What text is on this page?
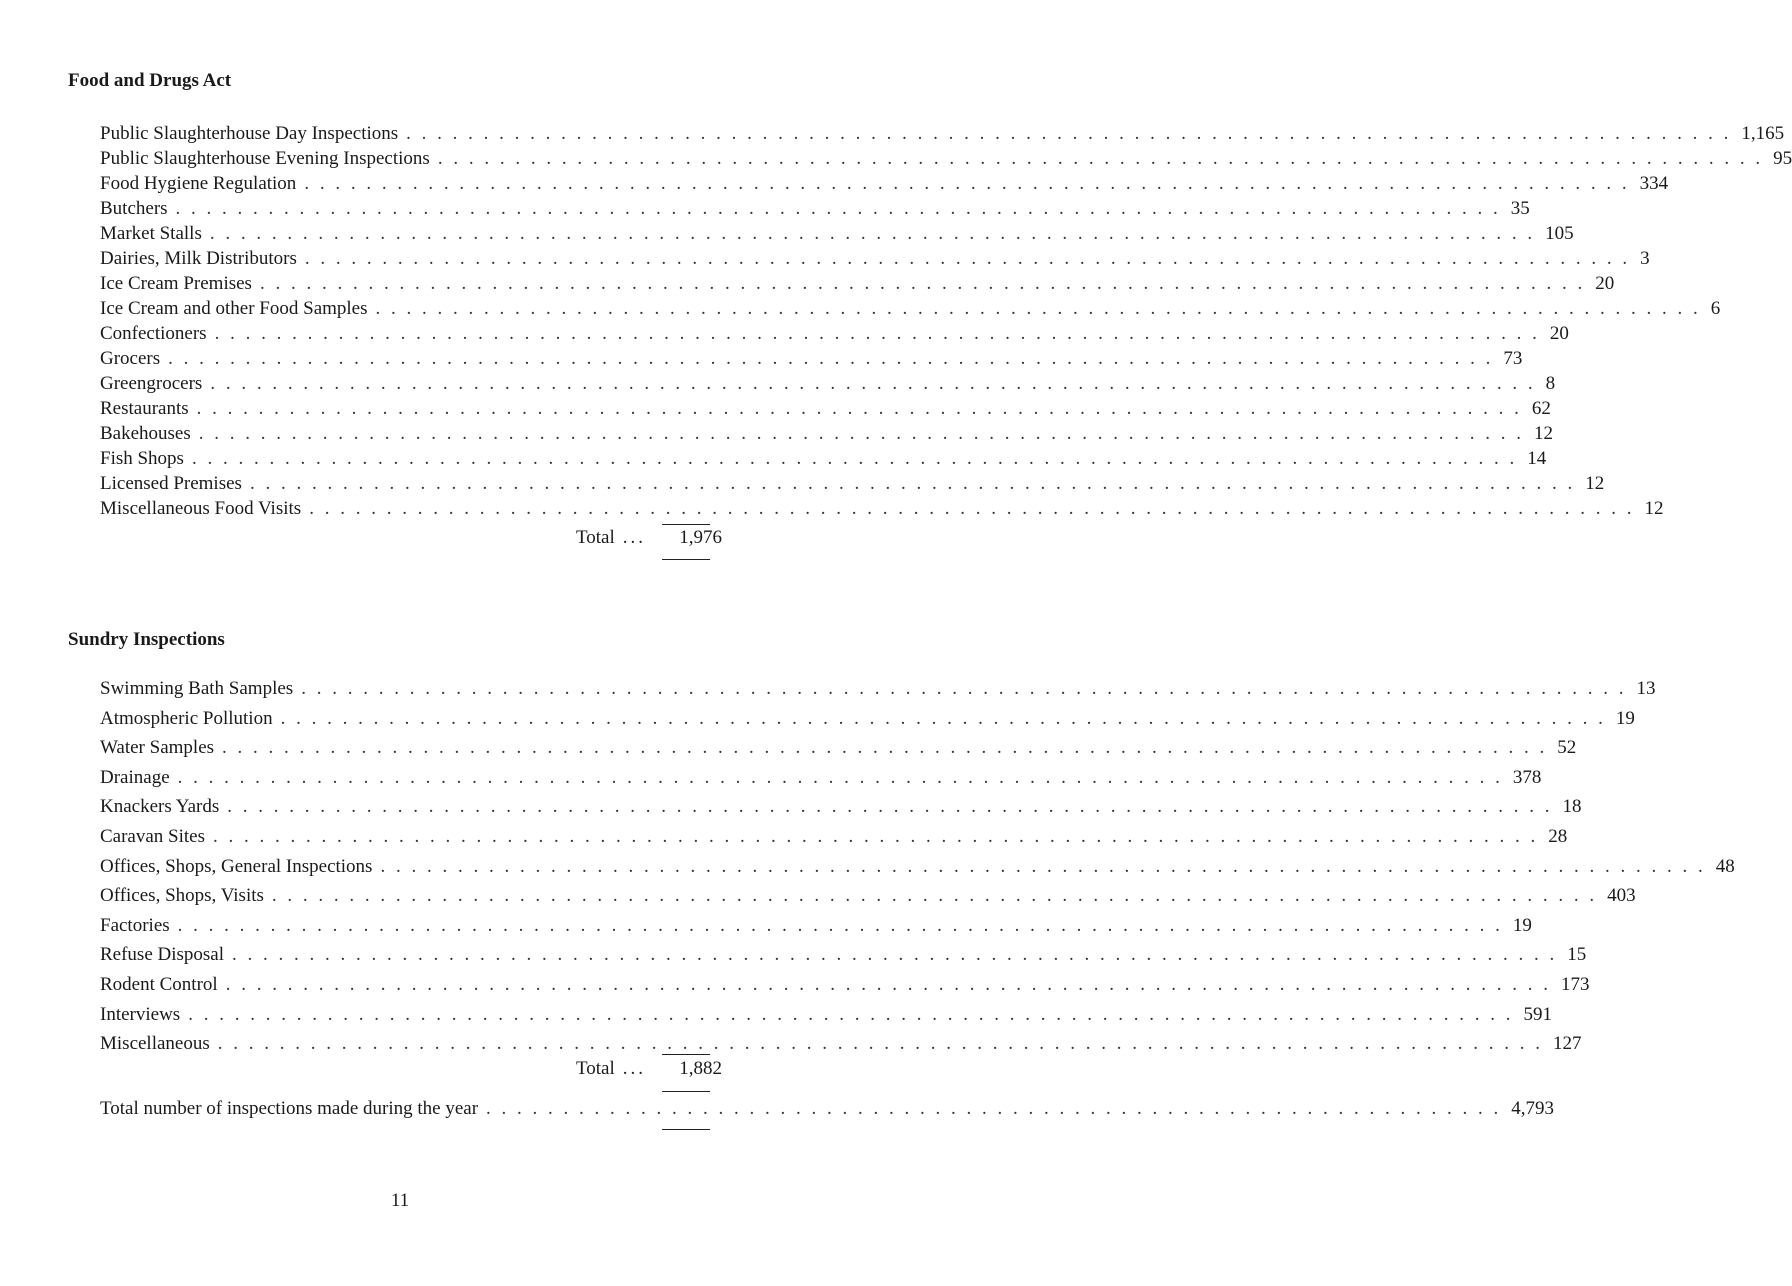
Food and Drugs Act
Public Slaughterhouse Day Inspections . . . . . . . . . . . . . . . . . . . . . . . . . . . . . . . . . . . . . . . . . . . . . . . . . . . . . . . . . . . . . . . . . . . . . . . . . . . . . . . . . . . . . . 1,165
Public Slaughterhouse Evening Inspections . . . . . . . . . . . . . . . . . . . . . . . . . . . . . . . . . . . . . . . . . . . . . . . . . . . . . . . . . . . . . . . . . . . . . . . . . . . . . . . . . . . . . . 95
Food Hygiene Regulation . . . . . . . . . . . . . . . . . . . . . . . . . . . . . . . . . . . . . . . . . . . . . . . . . . . . . . . . . . . . . . . . . . . . . . . . . . . . . . . . . . . . . . 334
Butchers . . . . . . . . . . . . . . . . . . . . . . . . . . . . . . . . . . . . . . . . . . . . . . . . . . . . . . . . . . . . . . . . . . . . . . . . . . . . . . . . . . . . . . 35
Market Stalls . . . . . . . . . . . . . . . . . . . . . . . . . . . . . . . . . . . . . . . . . . . . . . . . . . . . . . . . . . . . . . . . . . . . . . . . . . . . . . . . . . . . . . 105
Dairies, Milk Distributors . . . . . . . . . . . . . . . . . . . . . . . . . . . . . . . . . . . . . . . . . . . . . . . . . . . . . . . . . . . . . . . . . . . . . . . . . . . . . . . . . . . . . . 3
Ice Cream Premises . . . . . . . . . . . . . . . . . . . . . . . . . . . . . . . . . . . . . . . . . . . . . . . . . . . . . . . . . . . . . . . . . . . . . . . . . . . . . . . . . . . . . . 20
Ice Cream and other Food Samples . . . . . . . . . . . . . . . . . . . . . . . . . . . . . . . . . . . . . . . . . . . . . . . . . . . . . . . . . . . . . . . . . . . . . . . . . . . . . . . . . . . . . . 6
Confectioners . . . . . . . . . . . . . . . . . . . . . . . . . . . . . . . . . . . . . . . . . . . . . . . . . . . . . . . . . . . . . . . . . . . . . . . . . . . . . . . . . . . . . . 20
Grocers . . . . . . . . . . . . . . . . . . . . . . . . . . . . . . . . . . . . . . . . . . . . . . . . . . . . . . . . . . . . . . . . . . . . . . . . . . . . . . . . . . . . . . 73
Greengrocers . . . . . . . . . . . . . . . . . . . . . . . . . . . . . . . . . . . . . . . . . . . . . . . . . . . . . . . . . . . . . . . . . . . . . . . . . . . . . . . . . . . . . . 8
Restaurants . . . . . . . . . . . . . . . . . . . . . . . . . . . . . . . . . . . . . . . . . . . . . . . . . . . . . . . . . . . . . . . . . . . . . . . . . . . . . . . . . . . . . . 62
Bakehouses . . . . . . . . . . . . . . . . . . . . . . . . . . . . . . . . . . . . . . . . . . . . . . . . . . . . . . . . . . . . . . . . . . . . . . . . . . . . . . . . . . . . . . 12
Fish Shops . . . . . . . . . . . . . . . . . . . . . . . . . . . . . . . . . . . . . . . . . . . . . . . . . . . . . . . . . . . . . . . . . . . . . . . . . . . . . . . . . . . . . . 14
Licensed Premises . . . . . . . . . . . . . . . . . . . . . . . . . . . . . . . . . . . . . . . . . . . . . . . . . . . . . . . . . . . . . . . . . . . . . . . . . . . . . . . . . . . . . . 12
Miscellaneous Food Visits . . . . . . . . . . . . . . . . . . . . . . . . . . . . . . . . . . . . . . . . . . . . . . . . . . . . . . . . . . . . . . . . . . . . . . . . . . . . . . . . . . . . . . 12
Total ...	1,976
Sundry Inspections
Swimming Bath Samples . . . . . . . . . . . . . . . . . . . . . . . . . . . . . . . . . . . . . . . . . . . . . . . . . . . . . . . . . . . . . . . . . . . . . . . . . . . . . . . . . . . . . . 13
Atmospheric Pollution . . . . . . . . . . . . . . . . . . . . . . . . . . . . . . . . . . . . . . . . . . . . . . . . . . . . . . . . . . . . . . . . . . . . . . . . . . . . . . . . . . . . . . 19
Water Samples . . . . . . . . . . . . . . . . . . . . . . . . . . . . . . . . . . . . . . . . . . . . . . . . . . . . . . . . . . . . . . . . . . . . . . . . . . . . . . . . . . . . . . 52
Drainage . . . . . . . . . . . . . . . . . . . . . . . . . . . . . . . . . . . . . . . . . . . . . . . . . . . . . . . . . . . . . . . . . . . . . . . . . . . . . . . . . . . . . . 378
Knackers Yards . . . . . . . . . . . . . . . . . . . . . . . . . . . . . . . . . . . . . . . . . . . . . . . . . . . . . . . . . . . . . . . . . . . . . . . . . . . . . . . . . . . . . . 18
Caravan Sites . . . . . . . . . . . . . . . . . . . . . . . . . . . . . . . . . . . . . . . . . . . . . . . . . . . . . . . . . . . . . . . . . . . . . . . . . . . . . . . . . . . . . . 28
Offices, Shops, General Inspections . . . . . . . . . . . . . . . . . . . . . . . . . . . . . . . . . . . . . . . . . . . . . . . . . . . . . . . . . . . . . . . . . . . . . . . . . . . . . . . . . . . . . . 48
Offices, Shops, Visits . . . . . . . . . . . . . . . . . . . . . . . . . . . . . . . . . . . . . . . . . . . . . . . . . . . . . . . . . . . . . . . . . . . . . . . . . . . . . . . . . . . . . . 403
Factories . . . . . . . . . . . . . . . . . . . . . . . . . . . . . . . . . . . . . . . . . . . . . . . . . . . . . . . . . . . . . . . . . . . . . . . . . . . . . . . . . . . . . . 19
Refuse Disposal . . . . . . . . . . . . . . . . . . . . . . . . . . . . . . . . . . . . . . . . . . . . . . . . . . . . . . . . . . . . . . . . . . . . . . . . . . . . . . . . . . . . . . 15
Rodent Control . . . . . . . . . . . . . . . . . . . . . . . . . . . . . . . . . . . . . . . . . . . . . . . . . . . . . . . . . . . . . . . . . . . . . . . . . . . . . . . . . . . . . . 173
Interviews . . . . . . . . . . . . . . . . . . . . . . . . . . . . . . . . . . . . . . . . . . . . . . . . . . . . . . . . . . . . . . . . . . . . . . . . . . . . . . . . . . . . . . 591
Miscellaneous . . . . . . . . . . . . . . . . . . . . . . . . . . . . . . . . . . . . . . . . . . . . . . . . . . . . . . . . . . . . . . . . . . . . . . . . . . . . . . . . . . . . . . 127
Total ...	1,882
Total number of inspections made during the year . . . . . . . . . . . . . . . . . . . . . . . . . . . . . . . . . . . . . . . . . . . . . . . . . . . . . . . . . . . . . . . . . . 4,793
11
